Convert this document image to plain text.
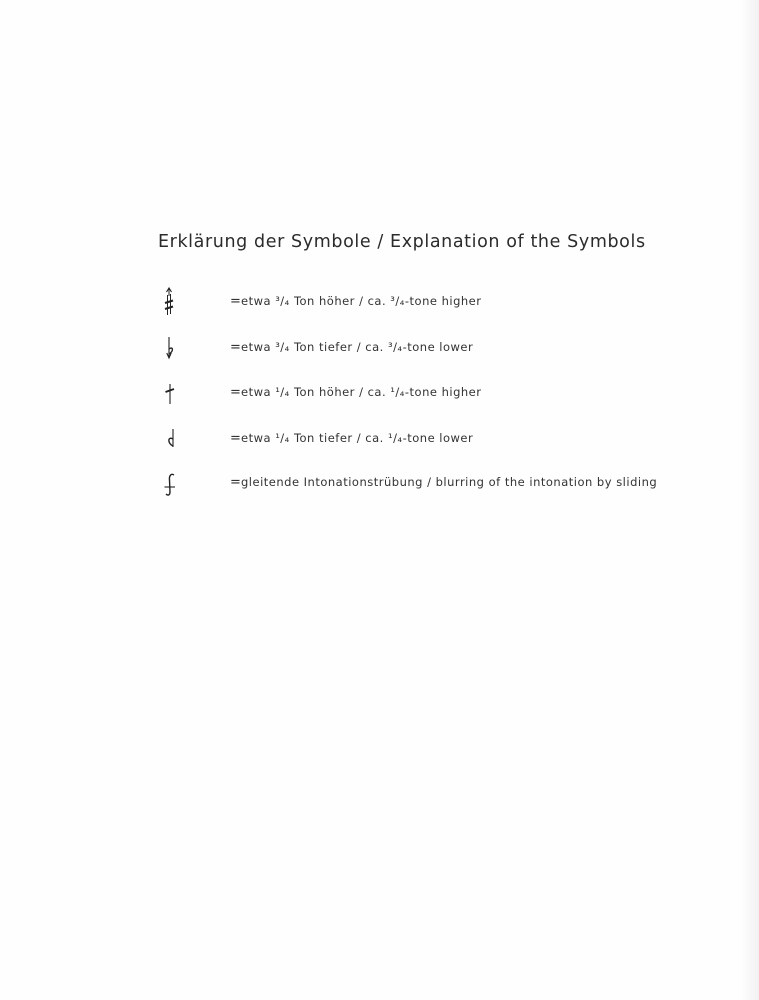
Erklärung der Symbole / Explanation of the Symbols
= etwa ³/₄ Ton höher / ca. ³/₄-tone higher
= etwa ³/₄ Ton tiefer / ca. ³/₄-tone lower
= etwa ¹/₄ Ton höher / ca. ¹/₄-tone higher
= etwa ¹/₄ Ton tiefer / ca. ¹/₄-tone lower
= gleitende Intonationstrübung / blurring of the intonation by sliding
